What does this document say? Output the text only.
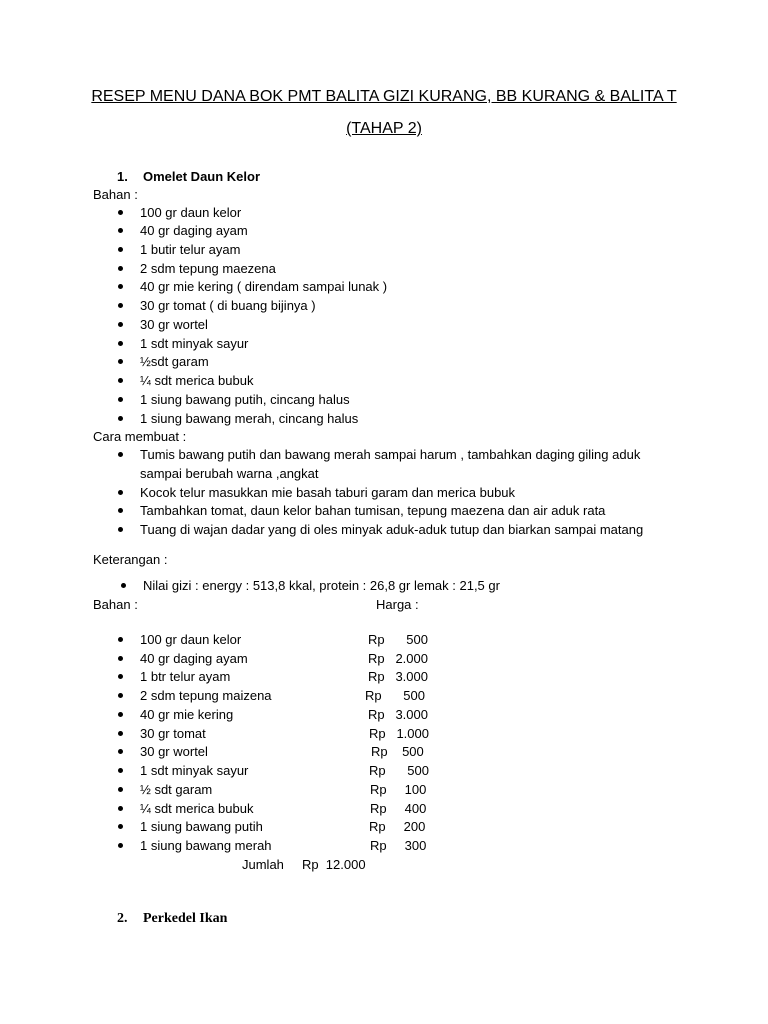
RESEP MENU DANA BOK PMT BALITA GIZI KURANG, BB KURANG & BALITA T
(TAHAP 2)
1. Omelet Daun Kelor
Bahan :
100 gr daun kelor
40 gr daging ayam
1 butir telur ayam
2 sdm tepung maezena
40 gr mie kering ( direndam sampai lunak )
30 gr tomat ( di buang bijinya )
30 gr wortel
1 sdt minyak sayur
½sdt garam
¼ sdt merica bubuk
1 siung bawang putih, cincang halus
1 siung bawang merah, cincang halus
Cara membuat :
Tumis bawang putih dan bawang merah sampai harum , tambahkan daging giling aduk
sampai berubah warna ,angkat
Kocok telur masukkan mie basah taburi garam dan merica bubuk
Tambahkan tomat, daun kelor bahan tumisan, tepung maezena dan air aduk rata
Tuang di wajan dadar yang di oles minyak aduk-aduk tutup dan biarkan sampai matang
Keterangan :
Nilai gizi : energy : 513,8 kkal, protein : 26,8 gr lemak : 21,5 gr
Bahan :	Harga :
100 gr daun kelor	Rp      500
40 gr daging ayam	Rp   2.000
1 btr telur ayam	Rp   3.000
2 sdm tepung maizena	Rp      500
40 gr mie kering	Rp   3.000
30 gr tomat	Rp   1.000
30 gr wortel	Rp    500
1 sdt minyak sayur	Rp      500
½ sdt garam	Rp     100
¼ sdt merica bubuk	Rp     400
1 siung bawang putih	Rp     200
1 siung bawang merah	Rp     300
Jumlah     Rp  12.000
2. Perkedel Ikan
